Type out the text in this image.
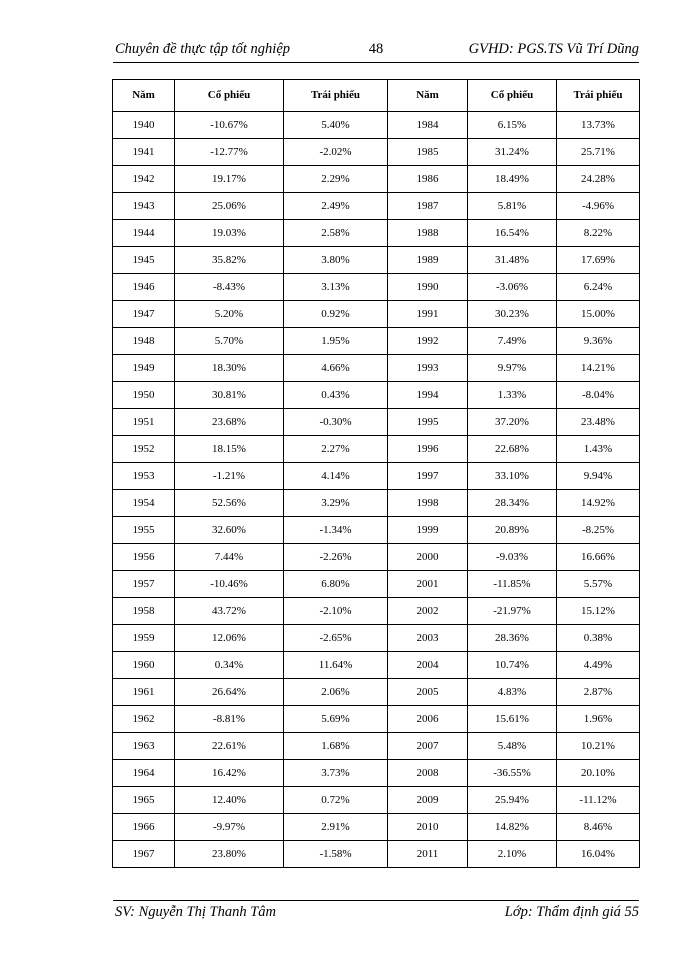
Chuyên đề thực tập tốt nghiệp	48	GVHD: PGS.TS Vũ Trí Dũng
Năm	Cổ phiếu	Trái phiếu	Năm	Cổ phiếu	Trái phiếu
1940	-10.67%	5.40%	1984	6.15%	13.73%
1941	-12.77%	-2.02%	1985	31.24%	25.71%
1942	19.17%	2.29%	1986	18.49%	24.28%
1943	25.06%	2.49%	1987	5.81%	-4.96%
1944	19.03%	2.58%	1988	16.54%	8.22%
1945	35.82%	3.80%	1989	31.48%	17.69%
1946	-8.43%	3.13%	1990	-3.06%	6.24%
1947	5.20%	0.92%	1991	30.23%	15.00%
1948	5.70%	1.95%	1992	7.49%	9.36%
1949	18.30%	4.66%	1993	9.97%	14.21%
1950	30.81%	0.43%	1994	1.33%	-8.04%
1951	23.68%	-0.30%	1995	37.20%	23.48%
1952	18.15%	2.27%	1996	22.68%	1.43%
1953	-1.21%	4.14%	1997	33.10%	9.94%
1954	52.56%	3.29%	1998	28.34%	14.92%
1955	32.60%	-1.34%	1999	20.89%	-8.25%
1956	7.44%	-2.26%	2000	-9.03%	16.66%
1957	-10.46%	6.80%	2001	-11.85%	5.57%
1958	43.72%	-2.10%	2002	-21.97%	15.12%
1959	12.06%	-2.65%	2003	28.36%	0.38%
1960	0.34%	11.64%	2004	10.74%	4.49%
1961	26.64%	2.06%	2005	4.83%	2.87%
1962	-8.81%	5.69%	2006	15.61%	1.96%
1963	22.61%	1.68%	2007	5.48%	10.21%
1964	16.42%	3.73%	2008	-36.55%	20.10%
1965	12.40%	0.72%	2009	25.94%	-11.12%
1966	-9.97%	2.91%	2010	14.82%	8.46%
1967	23.80%	-1.58%	2011	2.10%	16.04%
SV: Nguyễn Thị Thanh Tâm	Lớp: Thẩm định giá 55
